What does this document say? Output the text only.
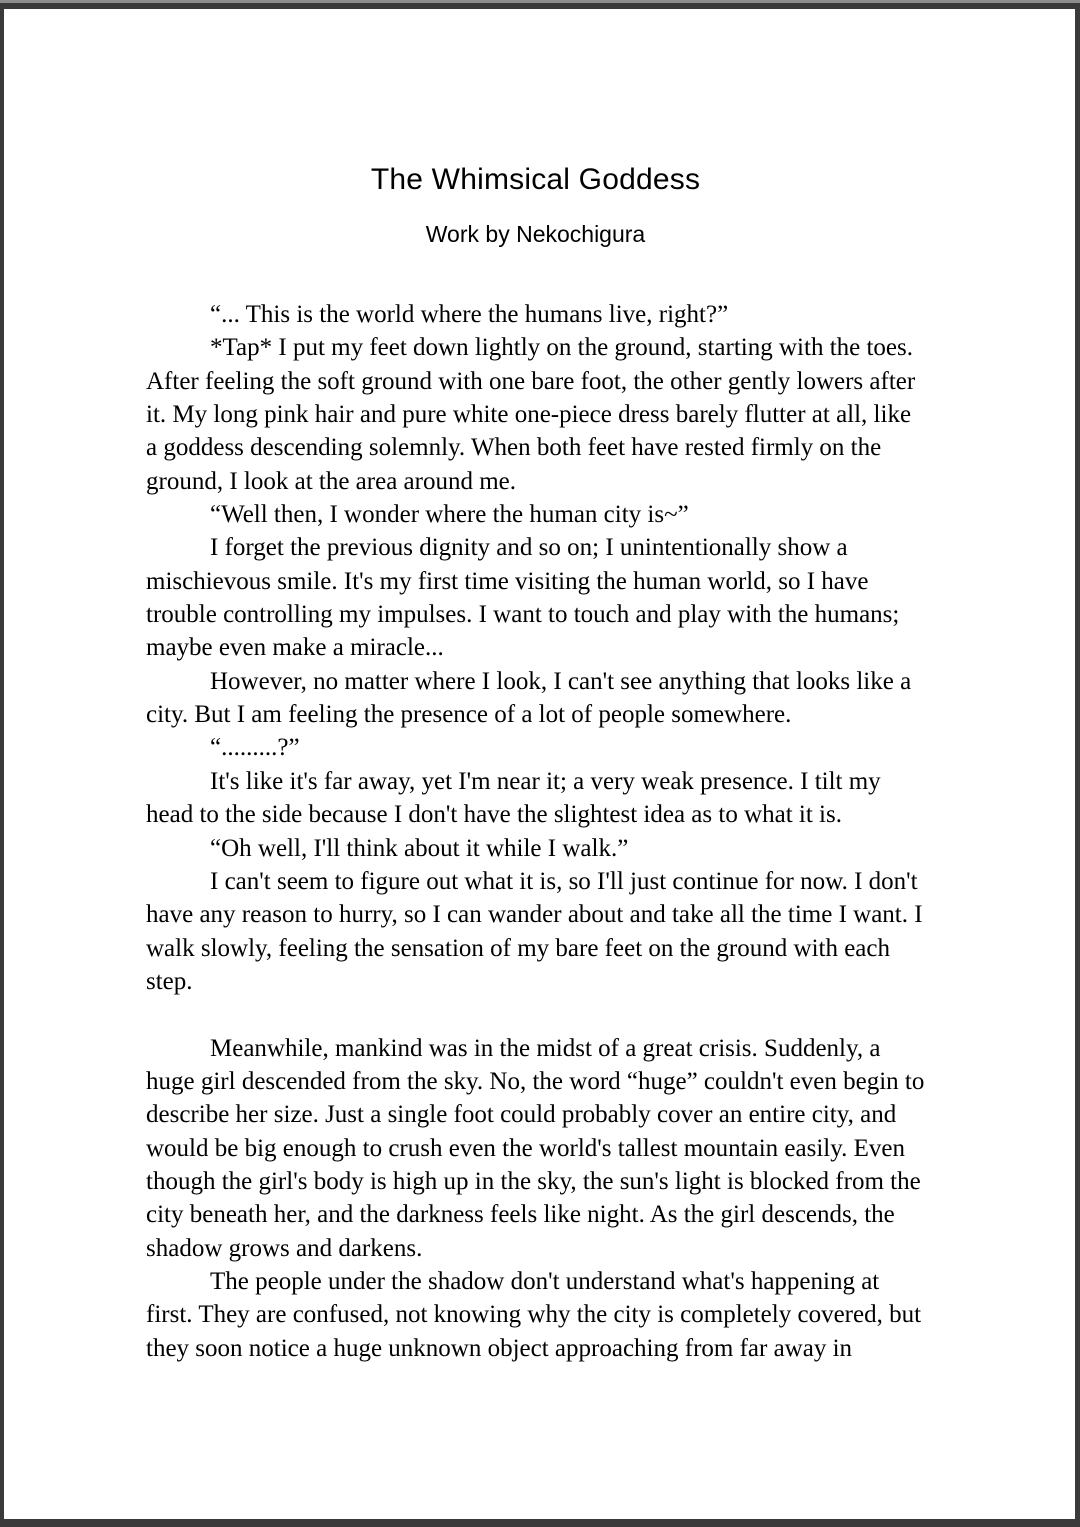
The Whimsical Goddess
Work by Nekochigura

“... This is the world where the humans live, right?”

*Tap* I put my feet down lightly on the ground, starting with the toes. After feeling the soft ground with one bare foot, the other gently lowers after it. My long pink hair and pure white one-piece dress barely flutter at all, like a goddess descending solemnly. When both feet have rested firmly on the ground, I look at the area around me.

“Well then, I wonder where the human city is~”

I forget the previous dignity and so on; I unintentionally show a mischievous smile. It's my first time visiting the human world, so I have trouble controlling my impulses. I want to touch and play with the humans; maybe even make a miracle...

However, no matter where I look, I can't see anything that looks like a city. But I am feeling the presence of a lot of people somewhere.

“.........?”

It's like it's far away, yet I'm near it; a very weak presence. I tilt my head to the side because I don't have the slightest idea as to what it is.

“Oh well, I'll think about it while I walk.”

I can't seem to figure out what it is, so I'll just continue for now. I don't have any reason to hurry, so I can wander about and take all the time I want. I walk slowly, feeling the sensation of my bare feet on the ground with each step.

Meanwhile, mankind was in the midst of a great crisis. Suddenly, a huge girl descended from the sky. No, the word “huge” couldn't even begin to describe her size. Just a single foot could probably cover an entire city, and would be big enough to crush even the world's tallest mountain easily. Even though the girl's body is high up in the sky, the sun's light is blocked from the city beneath her, and the darkness feels like night. As the girl descends, the shadow grows and darkens.

The people under the shadow don't understand what's happening at first. They are confused, not knowing why the city is completely covered, but they soon notice a huge unknown object approaching from far away in
